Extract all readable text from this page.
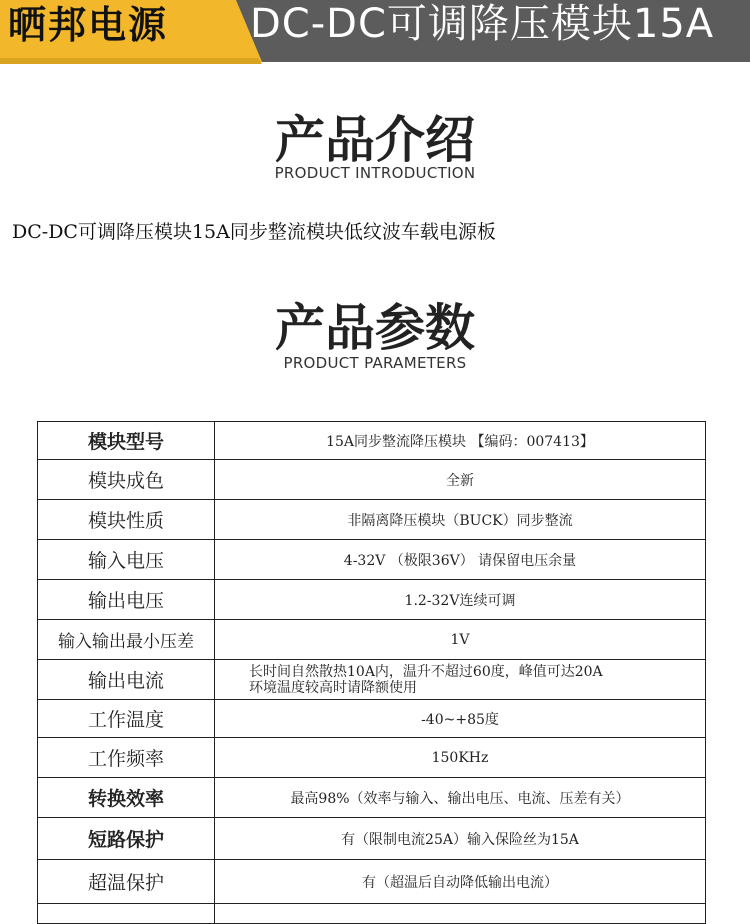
晒邦电源 DC-DC可调降压模块15A
产品介绍
PRODUCT INTRODUCTION
DC-DC可调降压模块15A同步整流模块低纹波车载电源板
产品参数
PRODUCT PARAMETERS
模块型号	15A同步整流降压模块 【编码：007413】
模块成色	全新
模块性质	非隔离降压模块（BUCK）同步整流
输入电压	4-32V （极限36V） 请保留电压余量
输出电压	1.2-32V连续可调
输入输出最小压差	1V
输出电流	长时间自然散热10A内，温升不超过60度，峰值可达20A
环境温度较高时请降额使用

工作温度	-40~+85度
工作频率	150KHz
转换效率	最高98%（效率与输入、输出电压、电流、压差有关）
短路保护	有（限制电流25A）输入保险丝为15A
超温保护	有（超温后自动降低输出电流）
